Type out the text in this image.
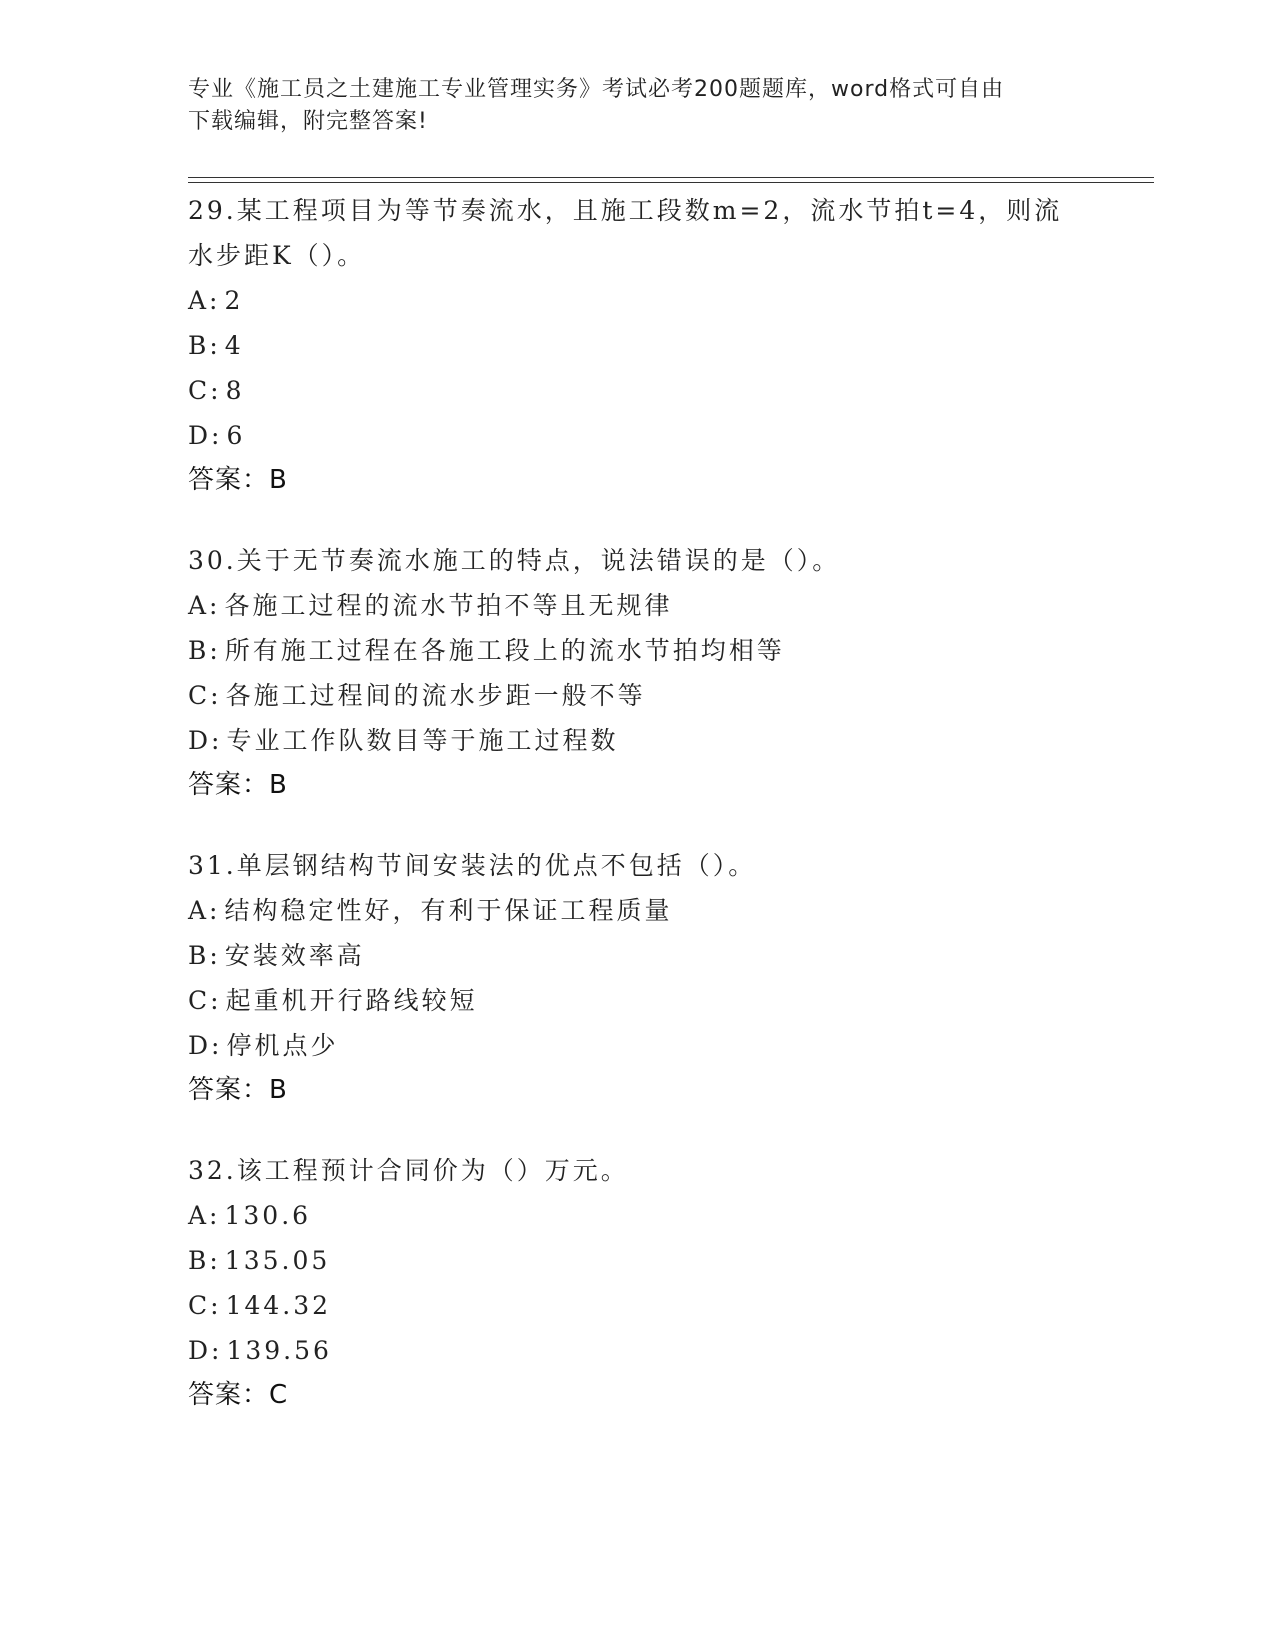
专业《施工员之土建施工专业管理实务》考试必考200题题库，word格式可自由
下载编辑，附完整答案!
29.某工程项目为等节奏流水，且施工段数m=2，流水节拍t=4，则流
水步距K（）。
A: 2
B: 4
C: 8
D: 6
答案：B
30.关于无节奏流水施工的特点，说法错误的是（）。
A: 各施工过程的流水节拍不等且无规律
B: 所有施工过程在各施工段上的流水节拍均相等
C: 各施工过程间的流水步距一般不等
D: 专业工作队数目等于施工过程数
答案：B
31.单层钢结构节间安装法的优点不包括（）。
A: 结构稳定性好，有利于保证工程质量
B: 安装效率高
C: 起重机开行路线较短
D: 停机点少
答案：B
32.该工程预计合同价为（）万元。
A: 130.6
B: 135.05
C: 144.32
D: 139.56
答案：C
